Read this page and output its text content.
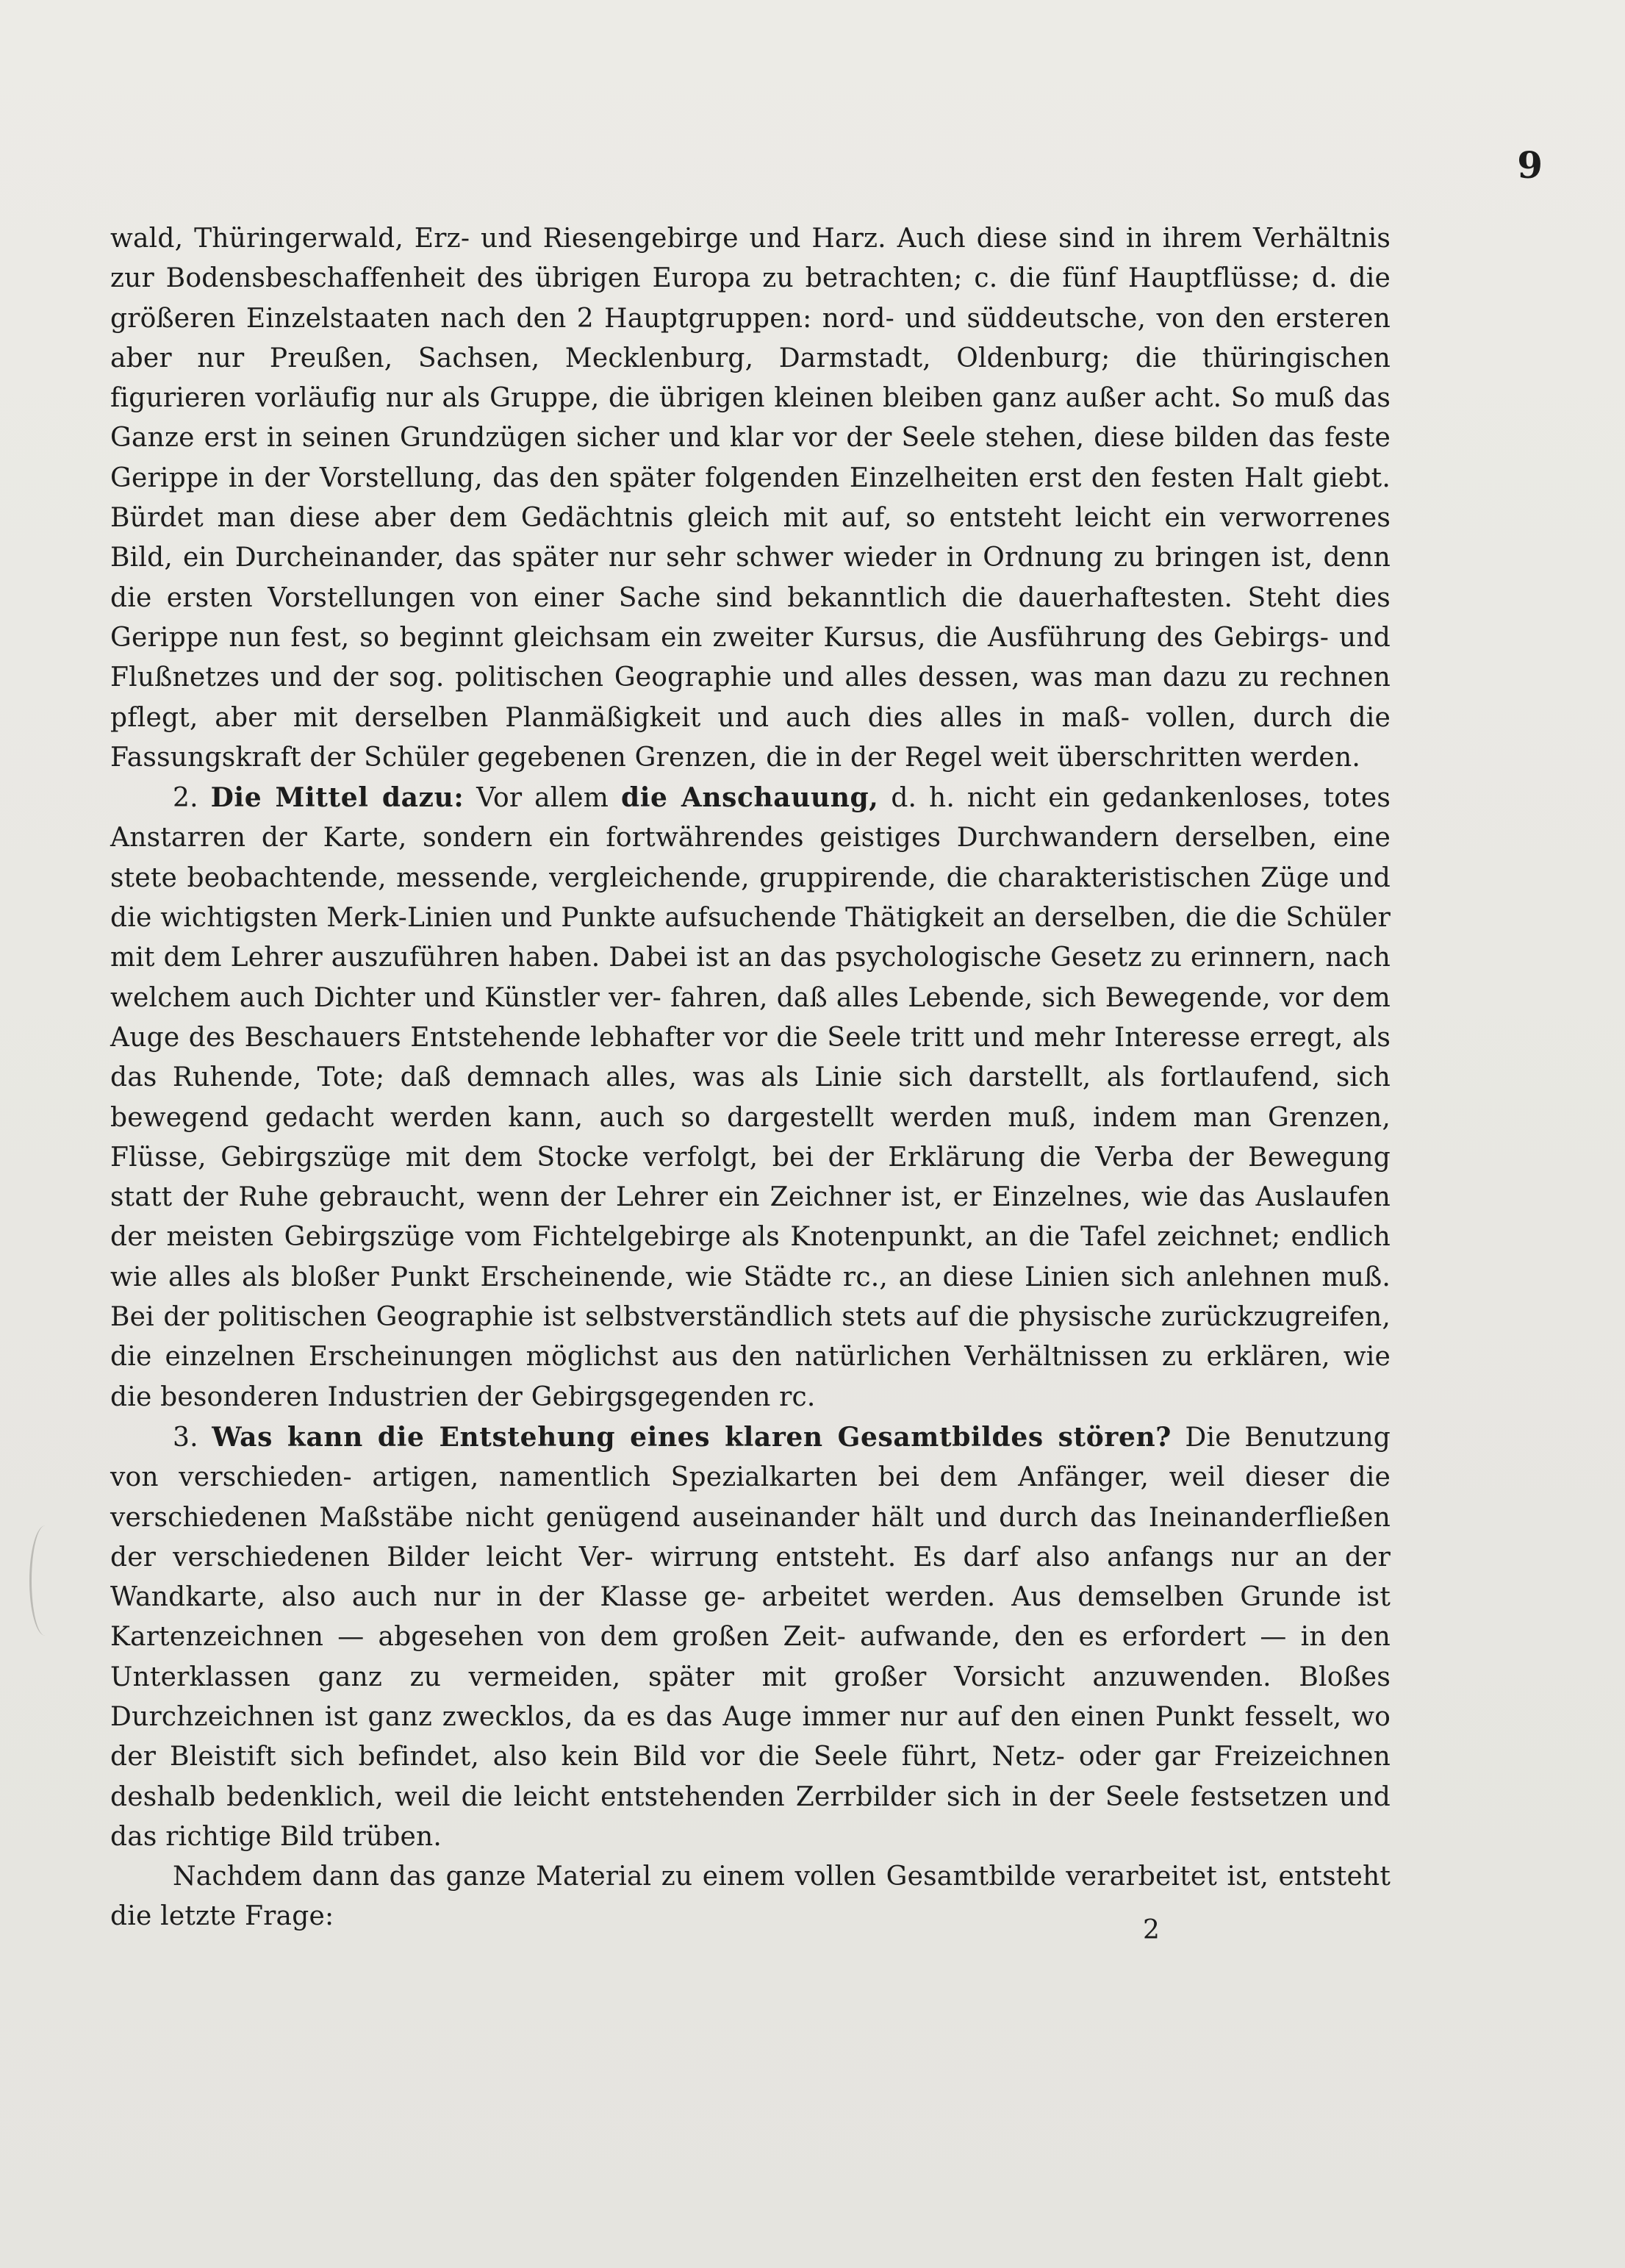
9

wald, Thüringerwald, Erz- und Riesengebirge und Harz. Auch diese sind in ihrem Verhältnis zur Bodensbeschaffenheit des übrigen Europa zu betrachten; c. die fünf Hauptflüsse; d. die größeren Einzelstaaten nach den 2 Hauptgruppen: nord- und süddeutsche, von den ersteren aber nur Preußen, Sachsen, Mecklenburg, Darmstadt, Oldenburg; die thüringischen figurieren vorläufig nur als Gruppe, die übrigen kleinen bleiben ganz außer acht. So muß das Ganze erst in seinen Grundzügen sicher und klar vor der Seele stehen, diese bilden das feste Gerippe in der Vorstellung, das den später folgenden Einzelheiten erst den festen Halt giebt. Bürdet man diese aber dem Gedächtnis gleich mit auf, so entsteht leicht ein verworrenes Bild, ein Durcheinander, das später nur sehr schwer wieder in Ordnung zu bringen ist, denn die ersten Vorstellungen von einer Sache sind bekanntlich die dauerhaftesten. Steht dies Gerippe nun fest, so beginnt gleichsam ein zweiter Kursus, die Ausführung des Gebirgs- und Flußnetzes und der sog. politischen Geographie und alles dessen, was man dazu zu rechnen pflegt, aber mit derselben Planmäßigkeit und auch dies alles in maß- vollen, durch die Fassungskraft der Schüler gegebenen Grenzen, die in der Regel weit überschritten werden.

2. Die Mittel dazu: Vor allem die Anschauung, d. h. nicht ein gedankenloses, totes Anstarren der Karte, sondern ein fortwährendes geistiges Durchwandern derselben, eine stete beobachtende, messende, vergleichende, gruppirende, die charakteristischen Züge und die wichtigsten Merk-Linien und Punkte aufsuchende Thätigkeit an derselben, die die Schüler mit dem Lehrer auszuführen haben. Dabei ist an das psychologische Gesetz zu erinnern, nach welchem auch Dichter und Künstler ver- fahren, daß alles Lebende, sich Bewegende, vor dem Auge des Beschauers Entstehende lebhafter vor die Seele tritt und mehr Interesse erregt, als das Ruhende, Tote; daß demnach alles, was als Linie sich darstellt, als fortlaufend, sich bewegend gedacht werden kann, auch so dargestellt werden muß, indem man Grenzen, Flüsse, Gebirgszüge mit dem Stocke verfolgt, bei der Erklärung die Verba der Bewegung statt der Ruhe gebraucht, wenn der Lehrer ein Zeichner ist, er Einzelnes, wie das Auslaufen der meisten Gebirgszüge vom Fichtelgebirge als Knotenpunkt, an die Tafel zeichnet; endlich wie alles als bloßer Punkt Erscheinende, wie Städte rc., an diese Linien sich anlehnen muß. Bei der politischen Geographie ist selbstverständlich stets auf die physische zurückzugreifen, die einzelnen Erscheinungen möglichst aus den natürlichen Verhältnissen zu erklären, wie die besonderen Industrien der Gebirgsgegenden rc.

3. Was kann die Entstehung eines klaren Gesamtbildes stören? Die Benutzung von verschieden- artigen, namentlich Spezialkarten bei dem Anfänger, weil dieser die verschiedenen Maßstäbe nicht genügend auseinander hält und durch das Ineinanderfließen der verschiedenen Bilder leicht Ver- wirrung entsteht. Es darf also anfangs nur an der Wandkarte, also auch nur in der Klasse ge- arbeitet werden. Aus demselben Grunde ist Kartenzeichnen — abgesehen von dem großen Zeit- aufwande, den es erfordert — in den Unterklassen ganz zu vermeiden, später mit großer Vorsicht anzuwenden. Bloßes Durchzeichnen ist ganz zwecklos, da es das Auge immer nur auf den einen Punkt fesselt, wo der Bleistift sich befindet, also kein Bild vor die Seele führt, Netz- oder gar Freizeichnen deshalb bedenklich, weil die leicht entstehenden Zerrbilder sich in der Seele festsetzen und das richtige Bild trüben.

Nachdem dann das ganze Material zu einem vollen Gesamtbilde verarbeitet ist, entsteht die letzte Frage:	2
